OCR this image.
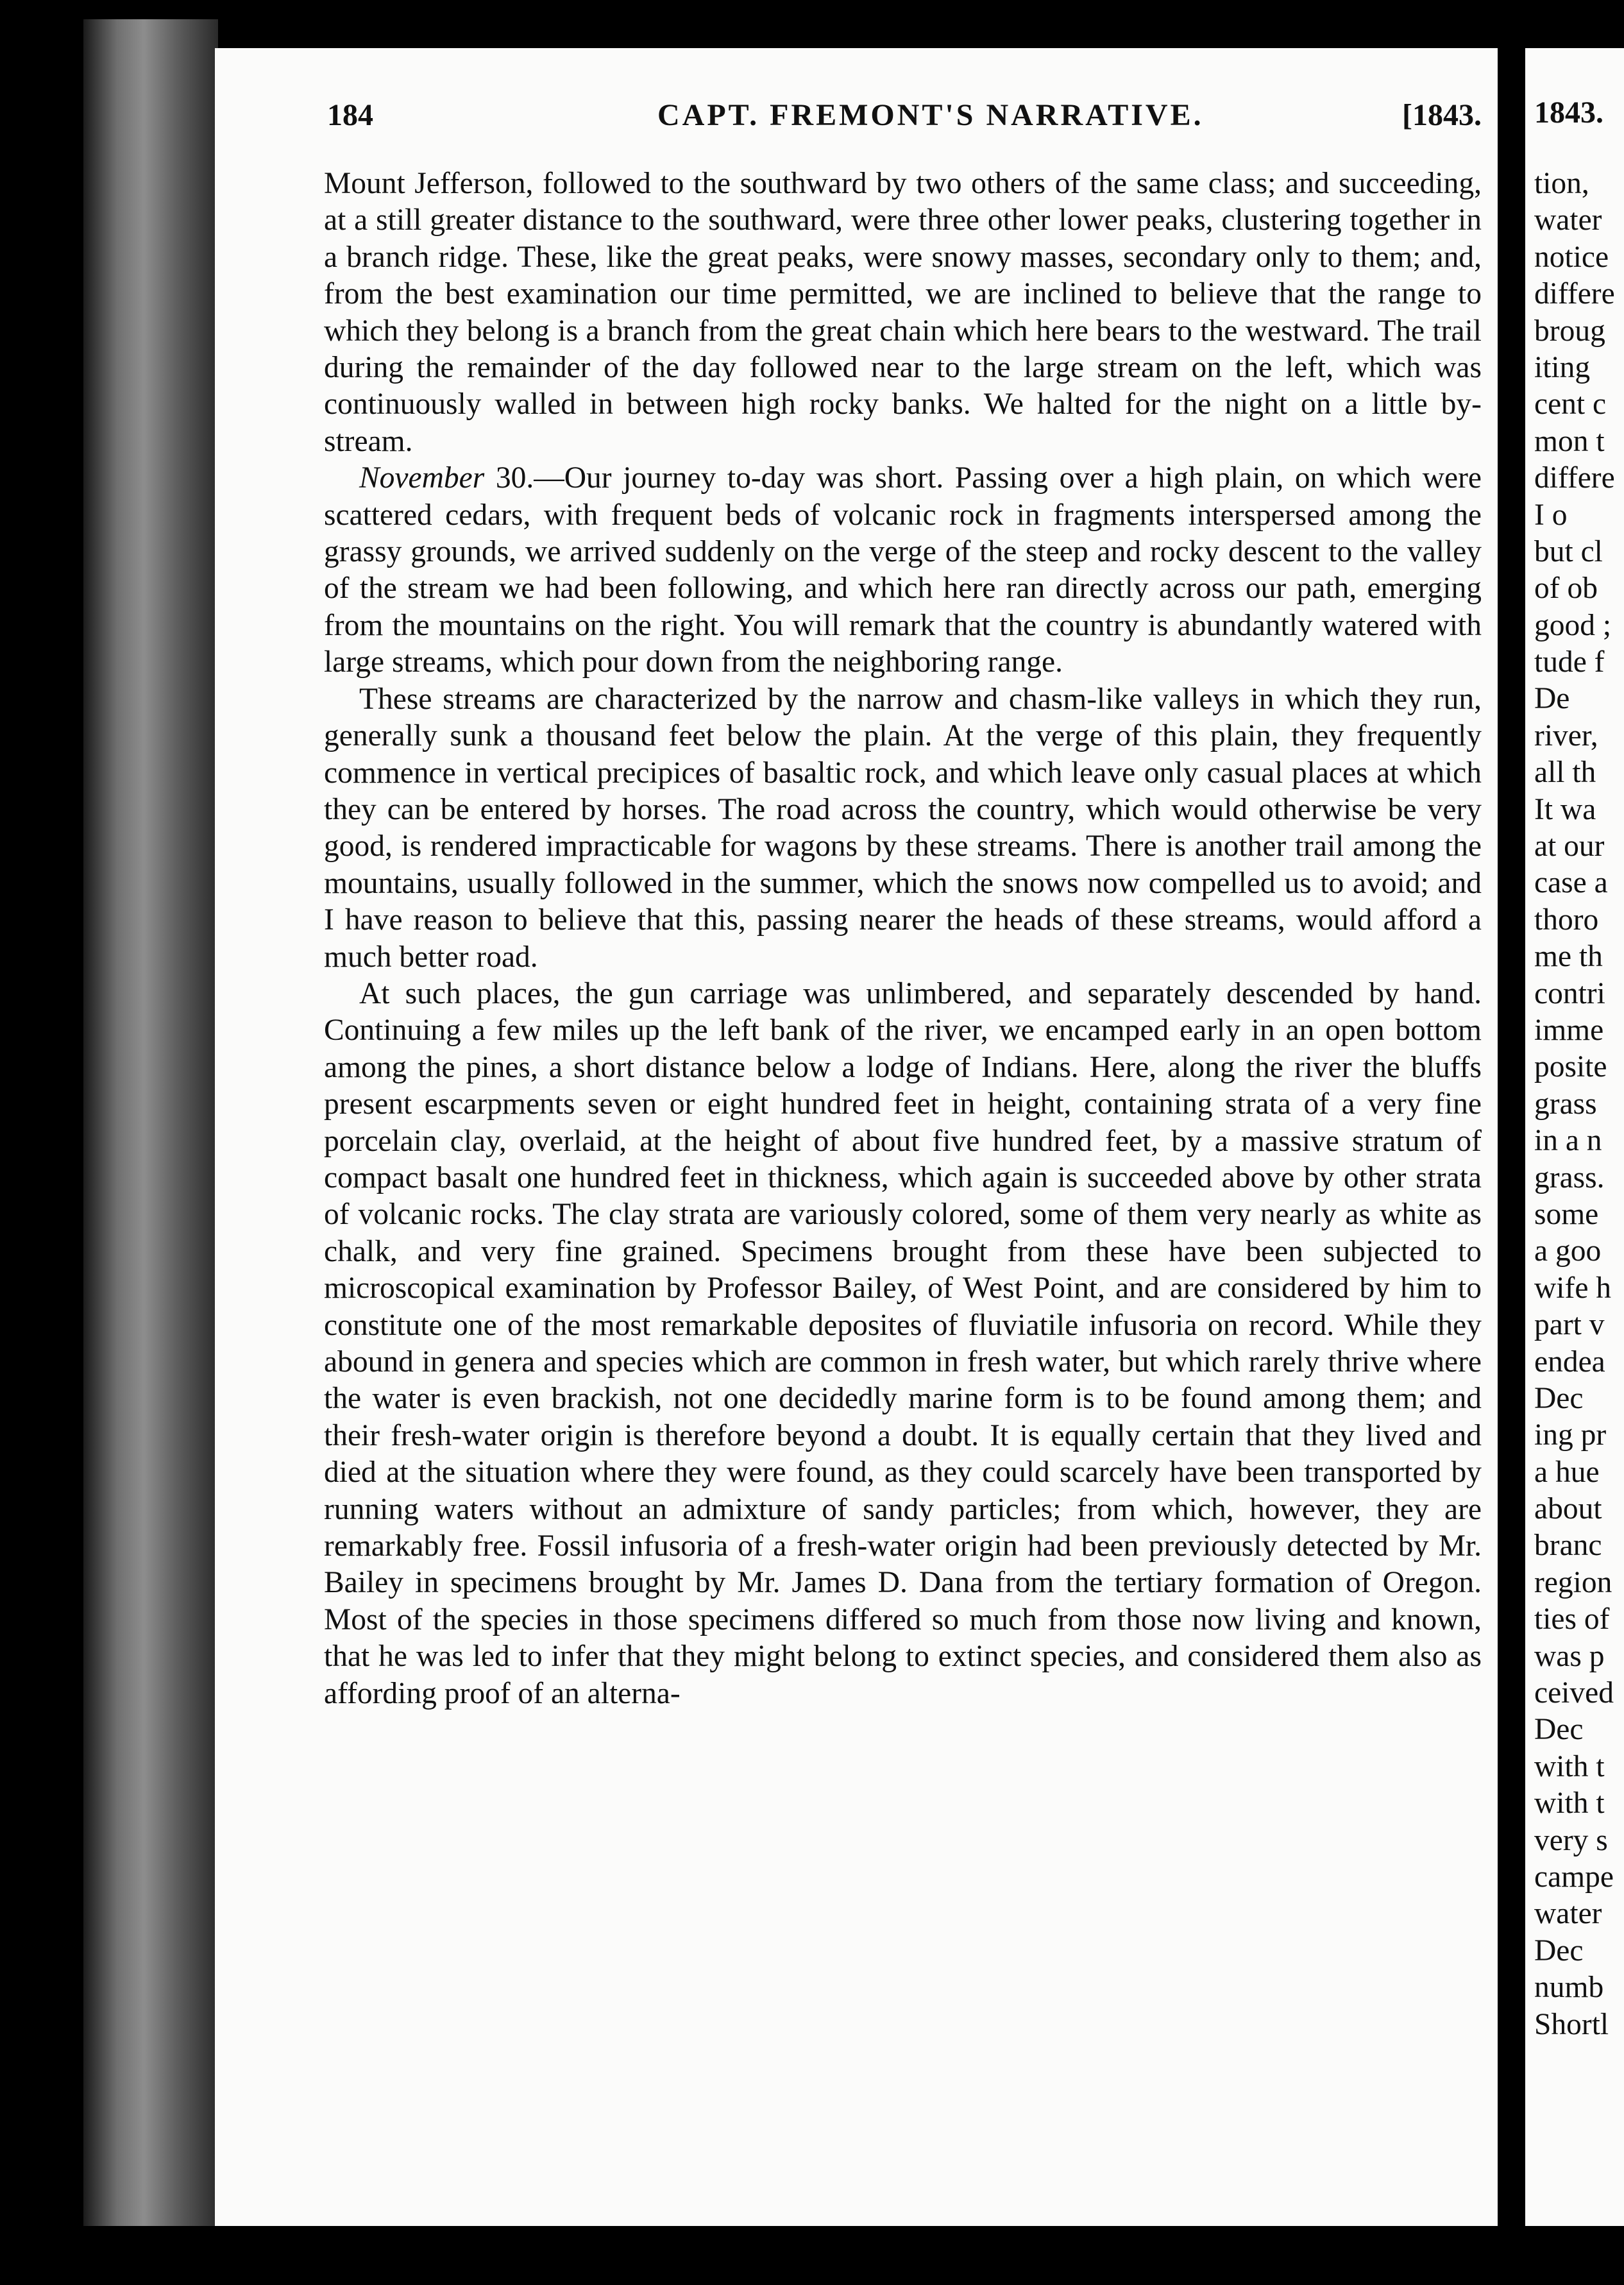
184	CAPT. FREMONT'S NARRATIVE.	[1843.

Mount Jefferson, followed to the southward by two others of the same class; and succeeding, at a still greater distance to the southward, were three other lower peaks, clustering together in a branch ridge. These, like the great peaks, were snowy masses, secondary only to them; and, from the best examination our time permitted, we are inclined to believe that the range to which they belong is a branch from the great chain which here bears to the westward. The trail during the remainder of the day followed near to the large stream on the left, which was continuously walled in between high rocky banks. We halted for the night on a little by-stream.

November 30.—Our journey to-day was short. Passing over a high plain, on which were scattered cedars, with frequent beds of volcanic rock in fragments interspersed among the grassy grounds, we arrived suddenly on the verge of the steep and rocky descent to the valley of the stream we had been following, and which here ran directly across our path, emerging from the mountains on the right. You will remark that the country is abundantly watered with large streams, which pour down from the neighboring range.

These streams are characterized by the narrow and chasm-like valleys in which they run, generally sunk a thousand feet below the plain. At the verge of this plain, they frequently commence in vertical precipices of basaltic rock, and which leave only casual places at which they can be entered by horses. The road across the country, which would otherwise be very good, is rendered impracticable for wagons by these streams. There is another trail among the mountains, usually followed in the summer, which the snows now compelled us to avoid; and I have reason to believe that this, passing nearer the heads of these streams, would afford a much better road.

At such places, the gun carriage was unlimbered, and separately descended by hand. Continuing a few miles up the left bank of the river, we encamped early in an open bottom among the pines, a short distance below a lodge of Indians. Here, along the river the bluffs present escarpments seven or eight hundred feet in height, containing strata of a very fine porcelain clay, overlaid, at the height of about five hundred feet, by a massive stratum of compact basalt one hundred feet in thickness, which again is succeeded above by other strata of volcanic rocks. The clay strata are variously colored, some of them very nearly as white as chalk, and very fine grained. Specimens brought from these have been subjected to microscopical examination by Professor Bailey, of West Point, and are considered by him to constitute one of the most remarkable deposites of fluviatile infusoria on record. While they abound in genera and species which are common in fresh water, but which rarely thrive where the water is even brackish, not one decidedly marine form is to be found among them; and their fresh-water origin is therefore beyond a doubt. It is equally certain that they lived and died at the situation where they were found, as they could scarcely have been transported by running waters without an admixture of sandy particles; from which, however, they are remarkably free. Fossil infusoria of a fresh-water origin had been previously detected by Mr. Bailey in specimens brought by Mr. James D. Dana from the tertiary formation of Oregon. Most of the species in those specimens differed so much from those now living and known, that he was led to infer that they might belong to extinct species, and considered them also as affording proof of an alterna-

1843.
tion,
water
notice
differe
broug
iting
cent c
mon t
differe
I o
but cl
of ob
good ;
tude f
De
river,
all th
It wa
at our
case a
thoro
me th
contri
imme
posite
grass
in a n
grass.
some
a goo
wife h
part v
endea
Dec
ing pr
a hue
about
branc
region
ties of
was p
ceived
Dec
with t
with t
very s
campe
water
Dec
numb
Shortl
